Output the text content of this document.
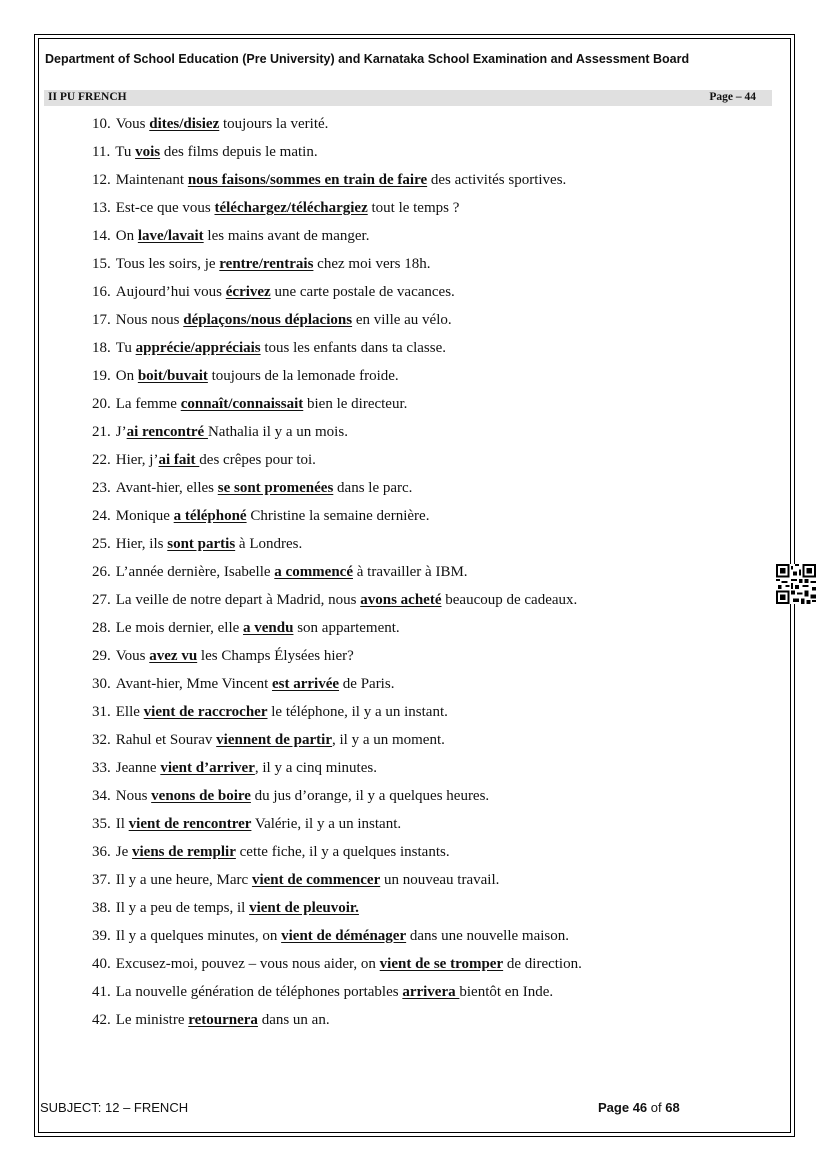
Department of School Education (Pre University) and Karnataka School Examination and Assessment Board
II PU FRENCH	Page – 44
10. Vous dites/disiez toujours la verité.
11. Tu vois des films depuis le matin.
12. Maintenant nous faisons/sommes en train de faire des activités sportives.
13. Est-ce que vous téléchargez/téléchargiez tout le temps ?
14. On lave/lavait les mains avant de manger.
15. Tous les soirs, je rentre/rentrais chez moi vers 18h.
16. Aujourd’hui vous écrivez une carte postale de vacances.
17. Nous nous déplaçons/nous déplacions en ville au vélo.
18. Tu apprécie/appréciais tous les enfants dans ta classe.
19. On boit/buvait toujours de la lemonade froide.
20. La femme connaît/connaissait bien le directeur.
21. J’ai rencontré Nathalia il y a un mois.
22. Hier, j’ai fait des crêpes pour toi.
23. Avant-hier, elles se sont promenées dans le parc.
24. Monique a téléphoné Christine la semaine dernière.
25. Hier, ils sont partis à Londres.
26. L’année dernière, Isabelle a commencé à travailler à IBM.
27. La veille de notre depart à Madrid, nous avons acheté beaucoup de cadeaux.
28. Le mois dernier, elle a vendu son appartement.
29. Vous avez vu les Champs Élysées hier?
30. Avant-hier, Mme Vincent est arrivée de Paris.
31. Elle vient de raccrocher le téléphone, il y a un instant.
32. Rahul et Sourav viennent de partir, il y a un moment.
33. Jeanne vient d’arriver, il y a cinq minutes.
34. Nous venons de boire du jus d’orange, il y a quelques heures.
35. Il vient de rencontrer Valérie, il y a un instant.
36. Je viens de remplir cette fiche, il y a quelques instants.
37. Il y a une heure, Marc vient de commencer un nouveau travail.
38. Il y a peu de temps, il vient de pleuvoir.
39. Il y a quelques minutes, on vient de déménager dans une nouvelle maison.
40. Excusez-moi, pouvez – vous nous aider, on vient de se tromper de direction.
41. La nouvelle génération de téléphones portables arrivera bientôt en Inde.
42. Le ministre retournera dans un an.
SUBJECT: 12 – FRENCH	Page 46 of 68
